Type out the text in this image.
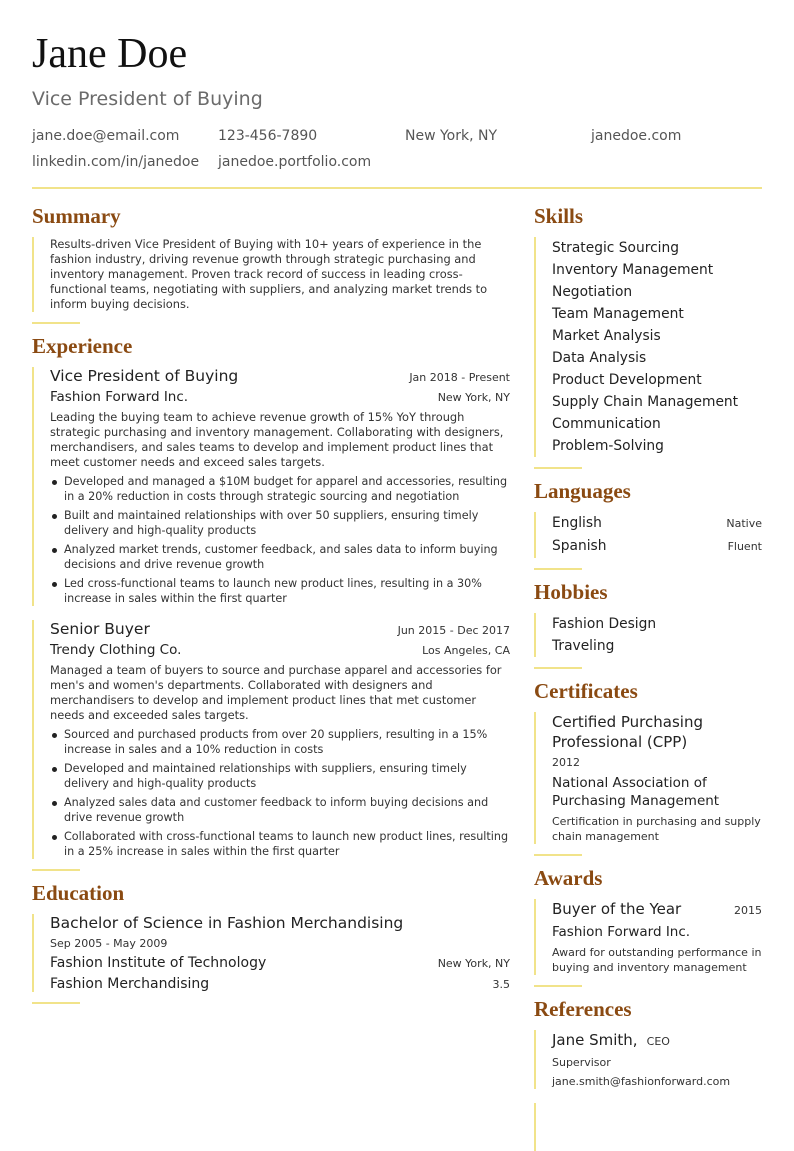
Jane Doe
Vice President of Buying
jane.doe@email.com	123-456-7890	New York, NY	janedoe.com
linkedin.com/in/janedoe janedoe.portfolio.com
Summary

Results-driven Vice President of Buying with 10+ years of experience in the fashion industry, driving revenue growth through strategic purchasing and inventory management. Proven track record of success in leading cross-functional teams, negotiating with suppliers, and analyzing market trends to inform buying decisions.

Experience
Vice President of Buying	Jan 2018 - Present
Fashion Forward Inc.	New York, NY

Leading the buying team to achieve revenue growth of 15% YoY through strategic purchasing and inventory management. Collaborating with designers, merchandisers, and sales teams to develop and implement product lines that meet customer needs and exceed sales targets.

Developed and managed a $10M budget for apparel and accessories, resulting in a 20% reduction in costs through strategic sourcing and negotiation
Built and maintained relationships with over 50 suppliers, ensuring timely delivery and high-quality products
Analyzed market trends, customer feedback, and sales data to inform buying decisions and drive revenue growth
Led cross-functional teams to launch new product lines, resulting in a 30% increase in sales within the first quarter
Senior Buyer	Jun 2015 - Dec 2017
Trendy Clothing Co.	Los Angeles, CA

Managed a team of buyers to source and purchase apparel and accessories for men's and women's departments. Collaborated with designers and merchandisers to develop and implement product lines that met customer needs and exceeded sales targets.

Sourced and purchased products from over 20 suppliers, resulting in a 15% increase in sales and a 10% reduction in costs
Developed and maintained relationships with suppliers, ensuring timely delivery and high-quality products
Analyzed sales data and customer feedback to inform buying decisions and drive revenue growth
Collaborated with cross-functional teams to launch new product lines, resulting in a 25% increase in sales within the first quarter
Education
Bachelor of Science in Fashion Merchandising
Sep 2005 - May 2009
Fashion Institute of Technology	New York, NY
Fashion Merchandising	3.5
Skills
Strategic Sourcing
Inventory Management
Negotiation
Team Management
Market Analysis
Data Analysis
Product Development
Supply Chain Management
Communication
Problem-Solving
Languages
English	Native
Spanish	Fluent
Hobbies
Fashion Design
Traveling
Certificates
Certified Purchasing Professional (CPP)
2012
National Association of Purchasing Management
Certification in purchasing and supply chain management
Awards
Buyer of the Year	2015
Fashion Forward Inc.
Award for outstanding performance in buying and inventory management
References
Jane Smith, CEO
Supervisor
jane.smith@fashionforward.com
